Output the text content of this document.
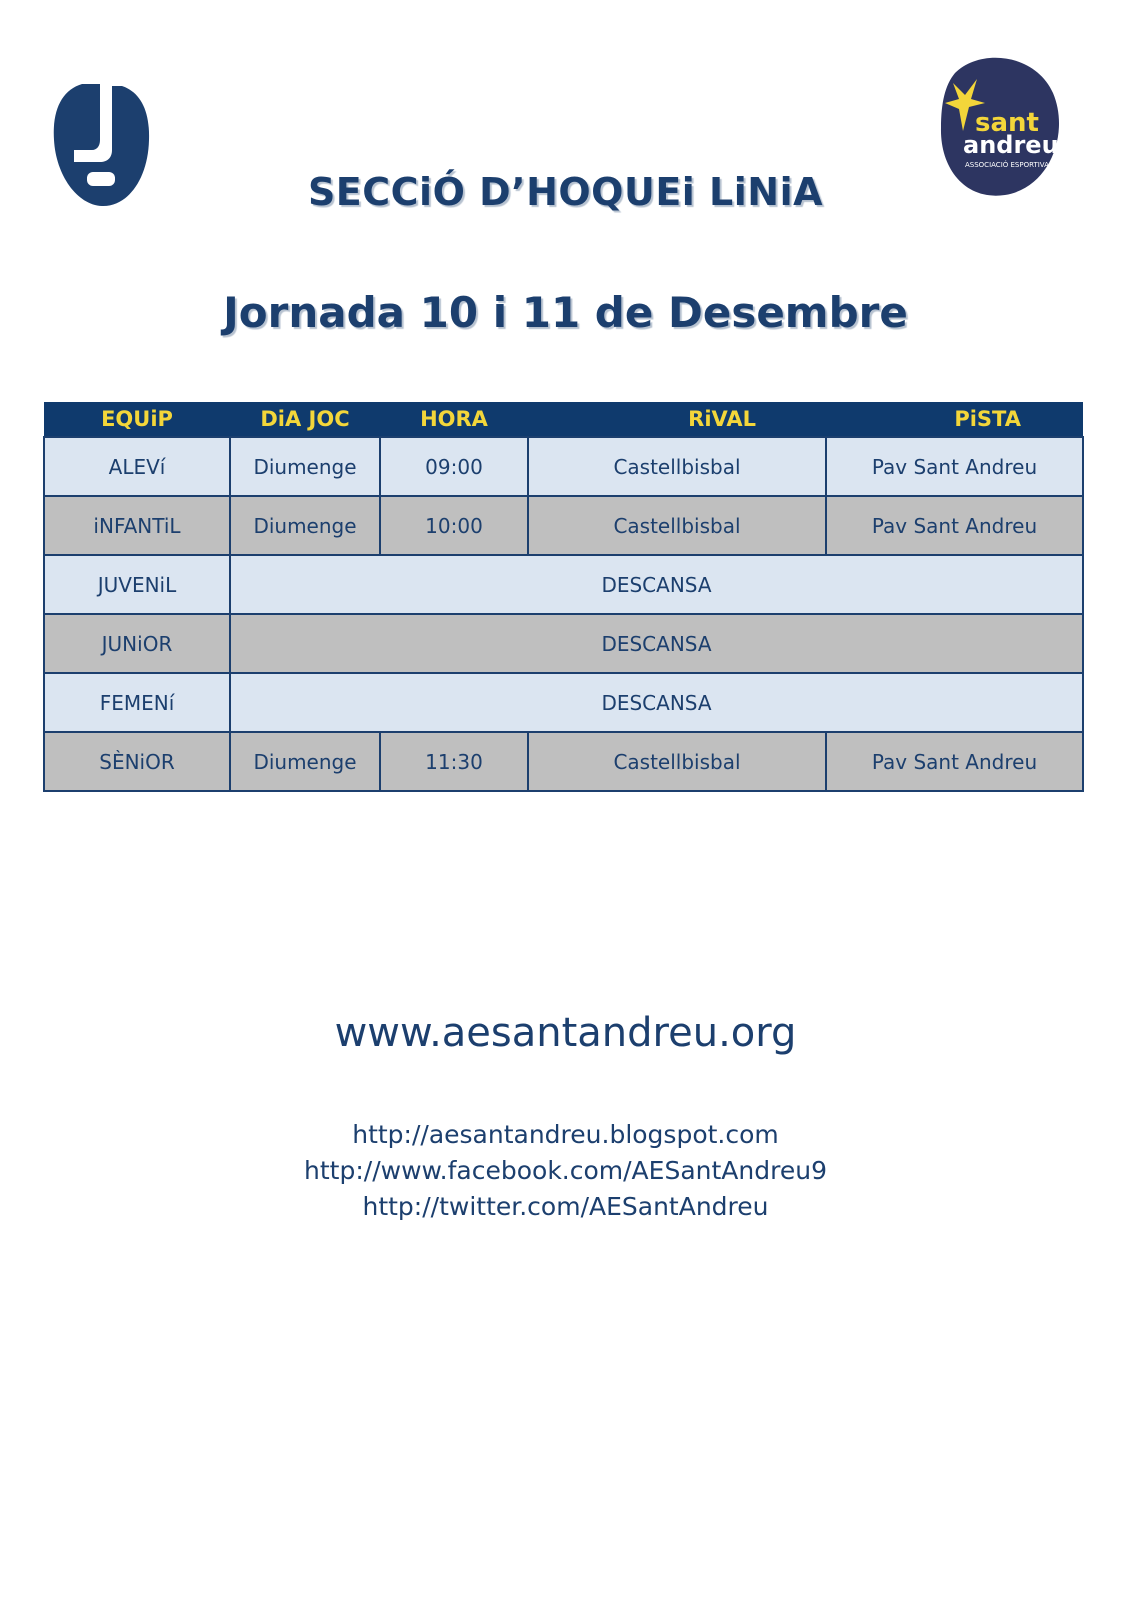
sant
andreu
ASSOCIACIÓ ESPORTIVA
SECCiÓ D’HOQUEi LiNiA
Jornada 10 i 11 de Desembre
EQUiP	DiA JOC	HORA	RiVAL	PiSTA
ALEVí	Diumenge	09:00	Castellbisbal	Pav Sant Andreu
iNFANTiL	Diumenge	10:00	Castellbisbal	Pav Sant Andreu
JUVENiL	DESCANSA			
JUNiOR	DESCANSA			
FEMENí	DESCANSA			
SÈNiOR	Diumenge	11:30	Castellbisbal	Pav Sant Andreu
www.aesantandreu.org
http://aesantandreu.blogspot.com
http://www.facebook.com/AESantAndreu9
http://twitter.com/AESantAndreu
